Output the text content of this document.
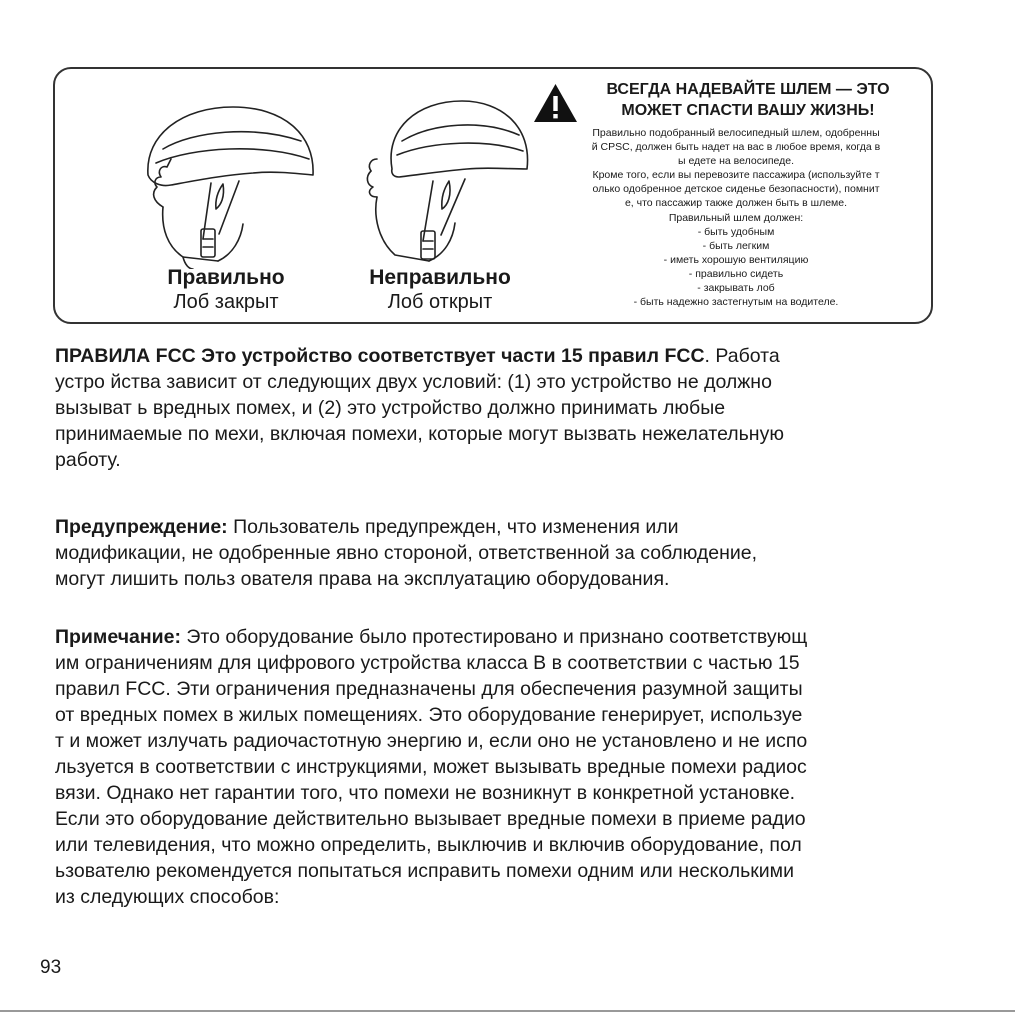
Правильно
Лоб закрыт
Неправильно
Лоб открыт
ВСЕГДА НАДЕВАЙТЕ ШЛЕМ — ЭТО
МОЖЕТ СПАСТИ ВАШУ ЖИЗНЬ!
Правильно подобранный велосипедный шлем, одобренны
й CPSC, должен быть надет на вас в любое время, когда в
ы едете на велосипеде.
Кроме того, если вы перевозите пассажира (используйте т
олько одобренное детское сиденье безопасности), помнит
е, что пассажир также должен быть в шлеме.
Правильный шлем должен:
- быть удобным
- быть легким
- иметь хорошую вентиляцию
- правильно сидеть
- закрывать лоб
- быть надежно застегнутым на водителе.
ПРАВИЛА FCC Это устройство соответствует части 15 правил FCC. Работа
устро йства зависит от следующих двух условий: (1) это устройство не должно
вызыват ь вредных помех, и (2) это устройство должно принимать любые
принимаемые по мехи, включая помехи, которые могут вызвать нежелательную
работу.
Предупреждение: Пользователь предупрежден, что изменения или
модификации, не одобренные явно стороной, ответственной за соблюдение,
могут лишить польз ователя права на эксплуатацию оборудования.
Примечание: Это оборудование было протестировано и признано соответствующ
им ограничениям для цифрового устройства класса B в соответствии с частью 15
правил FCC. Эти ограничения предназначены для обеспечения разумной защиты
от вредных помех в жилых помещениях. Это оборудование генерирует, используе
т и может излучать радиочастотную энергию и, если оно не установлено и не испо
льзуется в соответствии с инструкциями, может вызывать вредные помехи радиос
вязи. Однако нет гарантии того, что помехи не возникнут в конкретной установке.
Если это оборудование действительно вызывает вредные помехи в приеме радио
или телевидения, что можно определить, выключив и включив оборудование, пол
ьзователю рекомендуется попытаться исправить помехи одним или несколькими
из следующих способов:
93
